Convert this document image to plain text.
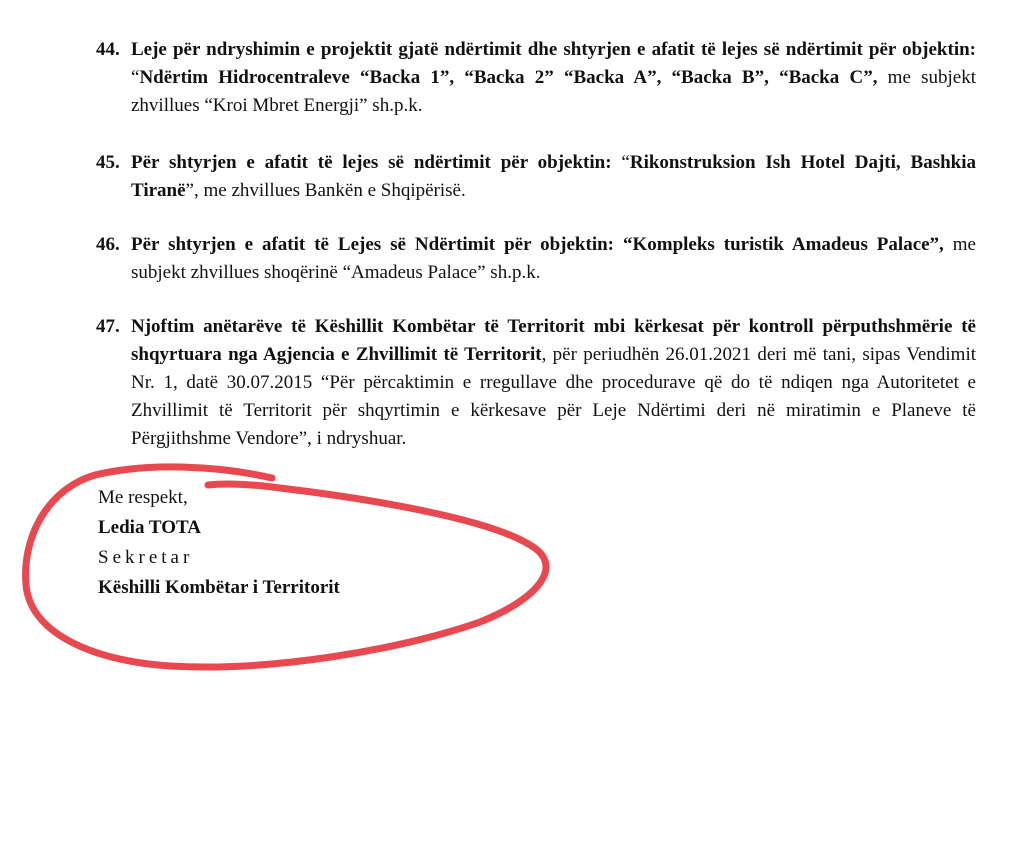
44. Leje për ndryshimin e projektit gjatë ndërtimit dhe shtyrjen e afatit të lejes së ndërtimit për objektin: “Ndërtim Hidrocentraleve “Backa 1”, “Backa 2” “Backa A”, “Backa B”, “Backa C”, me subjekt zhvillues “Kroi Mbret Energji” sh.p.k.
45. Për shtyrjen e afatit të lejes së ndërtimit për objektin: “Rikonstruksion Ish Hotel Dajti, Bashkia Tiranë”, me zhvillues Bankën e Shqipërisë.
46. Për shtyrjen e afatit të Lejes së Ndërtimit për objektin: “Kompleks turistik Amadeus Palace”, me subjekt zhvillues shoqërinë “Amadeus Palace” sh.p.k.
47. Njoftim anëtarëve të Këshillit Kombëtar të Territorit mbi kërkesat për kontroll përputhshmërie të shqyrtuara nga Agjencia e Zhvillimit të Territorit, për periudhën 26.01.2021 deri më tani, sipas Vendimit Nr. 1, datë 30.07.2015 “Për përcaktimin e rregullave dhe procedurave që do të ndiqen nga Autoritetet e Zhvillimit të Territorit për shqyrtimin e kërkesave për Leje Ndërtimi deri në miratimin e Planeve të Përgjithshme Vendore”, i ndryshuar.
Me respekt,
Ledia TOTA
Sekretar
Këshilli Kombëtar i Territorit
